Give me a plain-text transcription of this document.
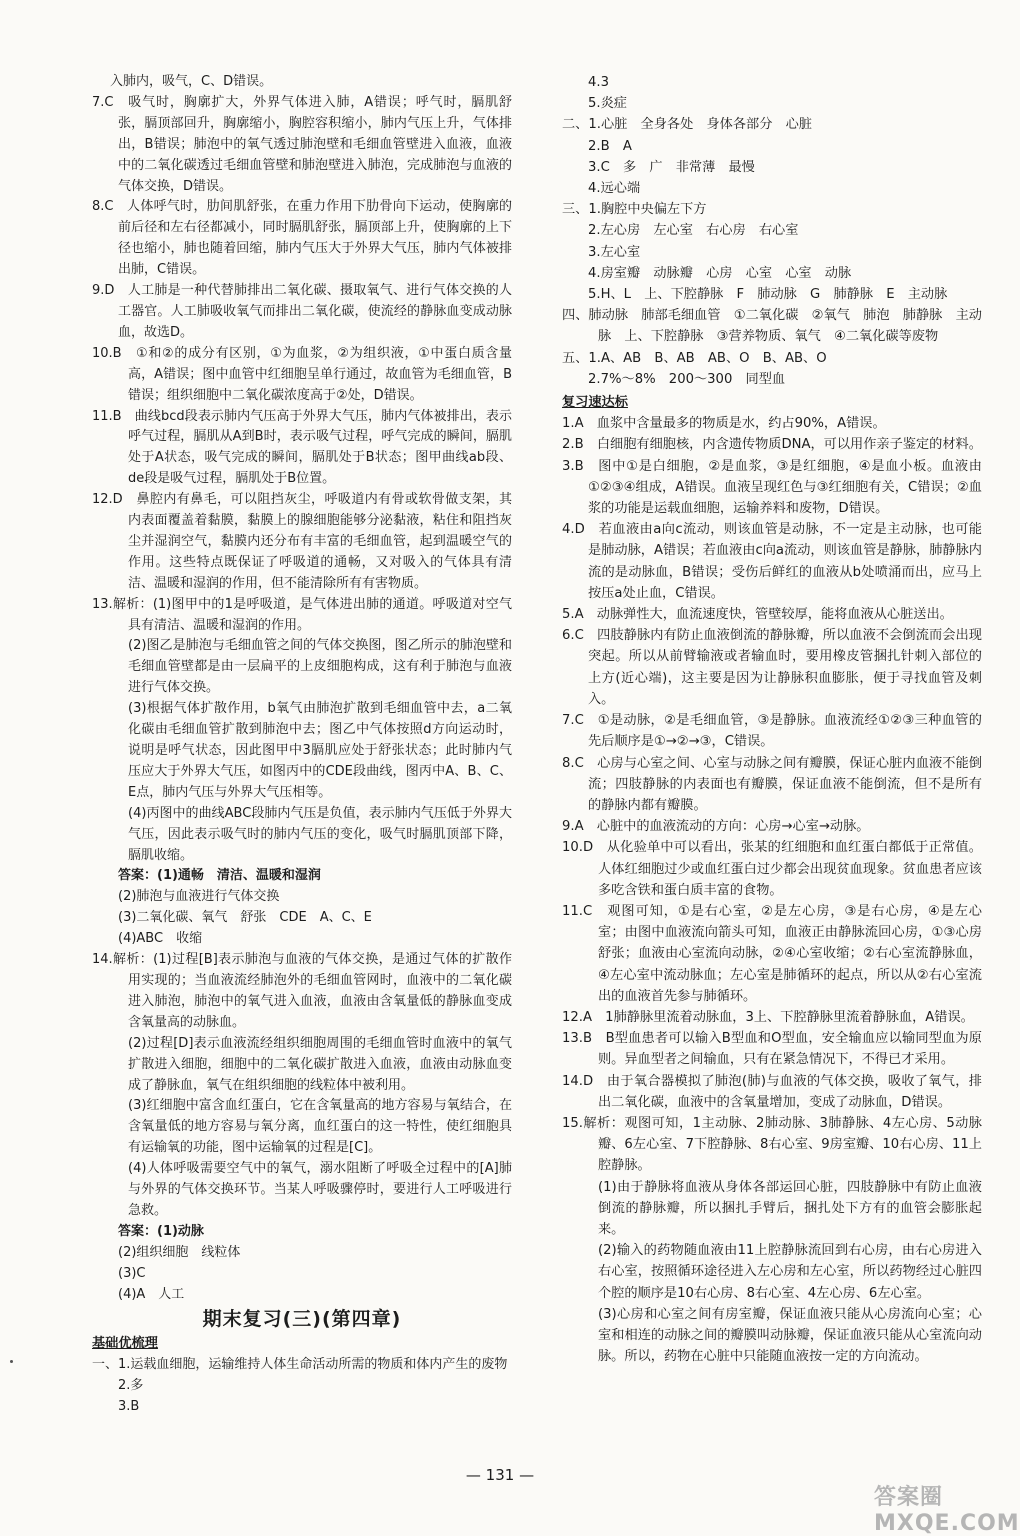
入肺内，吸气，C、D错误。

7.C　吸气时，胸廓扩大，外界气体进入肺，A错误；呼气时，膈肌舒张，膈顶部回升，胸廓缩小，胸腔容积缩小，肺内气压上升，气体排出，B错误；肺泡中的氧气透过肺泡壁和毛细血管壁进入血液，血液中的二氧化碳透过毛细血管壁和肺泡壁进入肺泡，完成肺泡与血液的气体交换，D错误。

8.C　人体呼气时，肋间肌舒张，在重力作用下肋骨向下运动，使胸廓的前后径和左右径都减小，同时膈肌舒张，膈顶部上升，使胸廓的上下径也缩小，肺也随着回缩，肺内气压大于外界大气压，肺内气体被排出肺，C错误。

9.D　人工肺是一种代替肺排出二氧化碳、摄取氧气、进行气体交换的人工器官。人工肺吸收氧气而排出二氧化碳，使流经的静脉血变成动脉血，故选D。

10.B　①和②的成分有区别，①为血浆，②为组织液，①中蛋白质含量高，A错误；图中血管中红细胞呈单行通过，故血管为毛细血管，B错误；组织细胞中二氧化碳浓度高于②处，D错误。

11.B　曲线bcd段表示肺内气压高于外界大气压，肺内气体被排出，表示呼气过程，膈肌从A到B时，表示吸气过程，呼气完成的瞬间，膈肌处于A状态，吸气完成的瞬间，膈肌处于B状态；图甲曲线ab段、de段是吸气过程，膈肌处于B位置。

12.D　鼻腔内有鼻毛，可以阻挡灰尘，呼吸道内有骨或软骨做支架，其内表面覆盖着黏膜，黏膜上的腺细胞能够分泌黏液，粘住和阻挡灰尘并湿润空气，黏膜内还分布有丰富的毛细血管，起到温暖空气的作用。这些特点既保证了呼吸道的通畅，又对吸入的气体具有清洁、温暖和湿润的作用，但不能清除所有有害物质。

13.解析：(1)图甲中的1是呼吸道，是气体进出肺的通道。呼吸道对空气具有清洁、温暖和湿润的作用。

(2)图乙是肺泡与毛细血管之间的气体交换图，图乙所示的肺泡壁和毛细血管壁都是由一层扁平的上皮细胞构成，这有利于肺泡与血液进行气体交换。

(3)根据气体扩散作用，b氧气由肺泡扩散到毛细血管中去，a二氧化碳由毛细血管扩散到肺泡中去；图乙中气体按照d方向运动时，说明是呼气状态，因此图甲中3膈肌应处于舒张状态；此时肺内气压应大于外界大气压，如图丙中的CDE段曲线，图丙中A、B、C、E点，肺内气压与外界大气压相等。

(4)丙图中的曲线ABC段肺内气压是负值，表示肺内气压低于外界大气压，因此表示吸气时的肺内气压的变化，吸气时膈肌顶部下降，膈肌收缩。

答案：(1)通畅　清洁、温暖和湿润

(2)肺泡与血液进行气体交换

(3)二氧化碳、氧气　舒张　CDE　A、C、E

(4)ABC　收缩

14.解析：(1)过程[B]表示肺泡与血液的气体交换，是通过气体的扩散作用实现的；当血液流经肺泡外的毛细血管网时，血液中的二氧化碳进入肺泡，肺泡中的氧气进入血液，血液由含氧量低的静脉血变成含氧量高的动脉血。

(2)过程[D]表示血液流经组织细胞周围的毛细血管时血液中的氧气扩散进入细胞，细胞中的二氧化碳扩散进入血液，血液由动脉血变成了静脉血，氧气在组织细胞的线粒体中被利用。

(3)红细胞中富含血红蛋白，它在含氧量高的地方容易与氧结合，在含氧量低的地方容易与氧分离，血红蛋白的这一特性，使红细胞具有运输氧的功能，图中运输氧的过程是[C]。

(4)人体呼吸需要空气中的氧气，溺水阻断了呼吸全过程中的[A]肺与外界的气体交换环节。当某人呼吸骤停时，要进行人工呼吸进行急救。

答案：(1)动脉

(2)组织细胞　线粒体

(3)C

(4)A　人工

期末复习(三)(第四章)
基础优梳理

一、1.运载血细胞，运输维持人体生命活动所需的物质和体内产生的废物

2.多

3.B

4.3

5.炎症

二、1.心脏　全身各处　身体各部分　心脏

2.B　A

3.C　多　广　非常薄　最慢

4.远心端

三、1.胸腔中央偏左下方

2.左心房　左心室　右心房　右心室

3.左心室

4.房室瓣　动脉瓣　心房　心室　心室　动脉

5.H、L　上、下腔静脉　F　肺动脉　G　肺静脉　E　主动脉

四、肺动脉　肺部毛细血管　①二氧化碳　②氧气　肺泡　肺静脉　主动脉　上、下腔静脉　③营养物质、氧气　④二氧化碳等废物

五、1.A、AB　B、AB　AB、O　B、AB、O

2.7%～8%　200～300　同型血

复习速达标

1.A　血浆中含量最多的物质是水，约占90%，A错误。

2.B　白细胞有细胞核，内含遗传物质DNA，可以用作亲子鉴定的材料。

3.B　图中①是白细胞，②是血浆，③是红细胞，④是血小板。血液由①②③④组成，A错误。血液呈现红色与③红细胞有关，C错误；②血浆的功能是运载血细胞，运输养料和废物，D错误。

4.D　若血液由a向c流动，则该血管是动脉，不一定是主动脉，也可能是肺动脉，A错误；若血液由c向a流动，则该血管是静脉，肺静脉内流的是动脉血，B错误；受伤后鲜红的血液从b处喷涌而出，应马上按压a处止血，C错误。

5.A　动脉弹性大，血流速度快，管壁较厚，能将血液从心脏送出。

6.C　四肢静脉内有防止血液倒流的静脉瓣，所以血液不会倒流而会出现突起。所以从前臂输液或者输血时，要用橡皮管捆扎针刺入部位的上方(近心端)，这主要是因为让静脉积血膨胀，便于寻找血管及刺入。

7.C　①是动脉，②是毛细血管，③是静脉。血液流经①②③三种血管的先后顺序是①→②→③，C错误。

8.C　心房与心室之间、心室与动脉之间有瓣膜，保证心脏内血液不能倒流；四肢静脉的内表面也有瓣膜，保证血液不能倒流，但不是所有的静脉内都有瓣膜。

9.A　心脏中的血液流动的方向：心房→心室→动脉。

10.D　从化验单中可以看出，张某的红细胞和血红蛋白都低于正常值。人体红细胞过少或血红蛋白过少都会出现贫血现象。贫血患者应该多吃含铁和蛋白质丰富的食物。

11.C　观图可知，①是右心室，②是左心房，③是右心房，④是左心室；由图中血液流向箭头可知，血液正由静脉流回心房，①③心房舒张；血液由心室流向动脉，②④心室收缩；②右心室流静脉血，④左心室中流动脉血；左心室是肺循环的起点，所以从②右心室流出的血液首先参与肺循环。

12.A　1肺静脉里流着动脉血，3上、下腔静脉里流着静脉血，A错误。

13.B　B型血患者可以输入B型血和O型血，安全输血应以输同型血为原则。异血型者之间输血，只有在紧急情况下，不得已才采用。

14.D　由于氧合器模拟了肺泡(肺)与血液的气体交换，吸收了氧气，排出二氧化碳，血液中的含氧量增加，变成了动脉血，D错误。

15.解析：观图可知，1主动脉、2肺动脉、3肺静脉、4左心房、5动脉瓣、6左心室、7下腔静脉、8右心室、9房室瓣、10右心房、11上腔静脉。

(1)由于静脉将血液从身体各部运回心脏，四肢静脉中有防止血液倒流的静脉瓣，所以捆扎手臂后，捆扎处下方有的血管会膨胀起来。

(2)输入的药物随血液由11上腔静脉流回到右心房，由右心房进入右心室，按照循环途径进入左心房和左心室，所以药物经过心脏四个腔的顺序是10右心房、8右心室、4左心房、6左心室。

(3)心房和心室之间有房室瓣，保证血液只能从心房流向心室；心室和相连的动脉之间的瓣膜叫动脉瓣，保证血液只能从心室流向动脉。所以，药物在心脏中只能随血液按一定的方向流动。

— 131 —
答案圈 MXQE.COM
